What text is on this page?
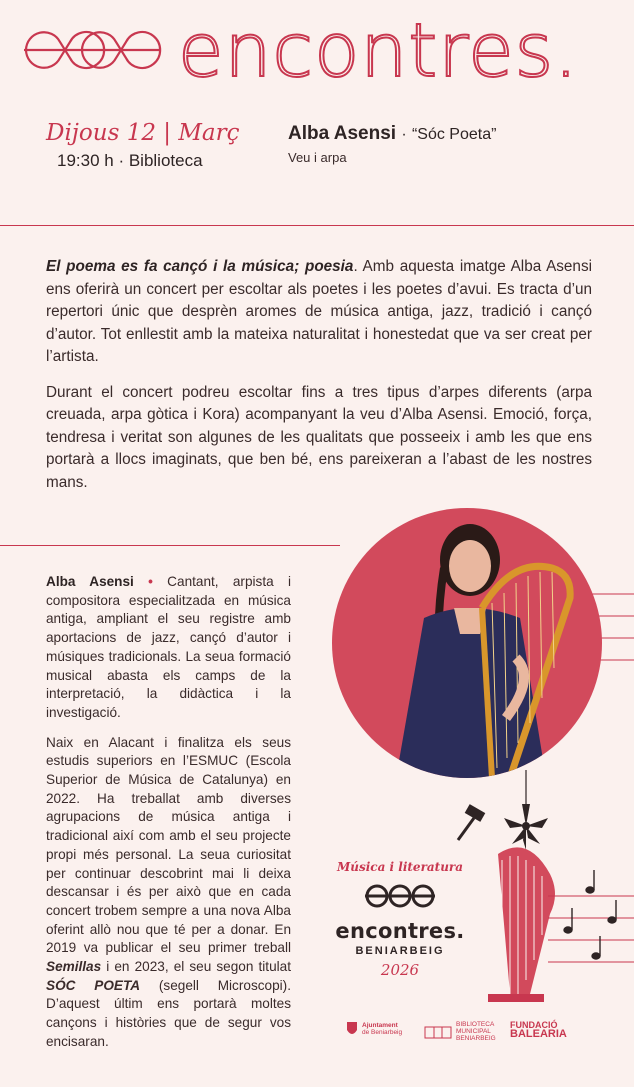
encontres.
Dijous 12 | Març
19:30 h · Biblioteca
Alba Asensi · “Sóc Poeta”
Veu i arpa

El poema es fa cançó i la música; poesia. Amb aquesta imatge Alba Asensi ens oferirà un concert per escoltar als poetes i les poetes d’avui. Es tracta d’un repertori únic que desprèn aromes de música antiga, jazz, tradició i cançó d’autor. Tot enllestit amb la mateixa naturalitat i honestedat que va ser creat per l’artista.

Durant el concert podreu escoltar fins a tres tipus d’arpes diferents (arpa creuada, arpa gòtica i Kora) acompanyant la veu d’Alba Asensi. Emoció, força, tendresa i veritat son algunes de les qualitats que posseeix i amb les que ens portarà a llocs imaginats, que ben bé, ens pareixeran a l’abast de les nostres mans.

Alba Asensi • Cantant, arpista i compositora especialitzada en música antiga, ampliant el seu registre amb aportacions de jazz, cançó d’autor i músiques tradicionals. La seua formació musical abasta els camps de la interpretació, la didàctica i la investigació.

Naix en Alacant i finalitza els seus estudis superiors en l’ESMUC (Escola Superior de Música de Catalunya) en 2022. Ha treballat amb diverses agrupacions de música antiga i tradicional així com amb el seu projecte propi més personal. La seua curiositat per continuar descobrint mai li deixa descansar i és per això que en cada concert trobem sempre a una nova Alba oferint allò nou que té per a donar. En 2019 va publicar el seu primer treball Semillas i en 2023, el seu segon titulat SÓC POETA (segell Microscopi). D’aquest últim ens portarà moltes cançons i històries que de segur vos encisaran.

Música i literatura
encontres.
BENIARBEIG
2026
Ajuntament
de Beniarbeig
BIBLIOTECA
MUNICIPAL
BENIARBEIG
FUNDACIÓ
BALEARIA
